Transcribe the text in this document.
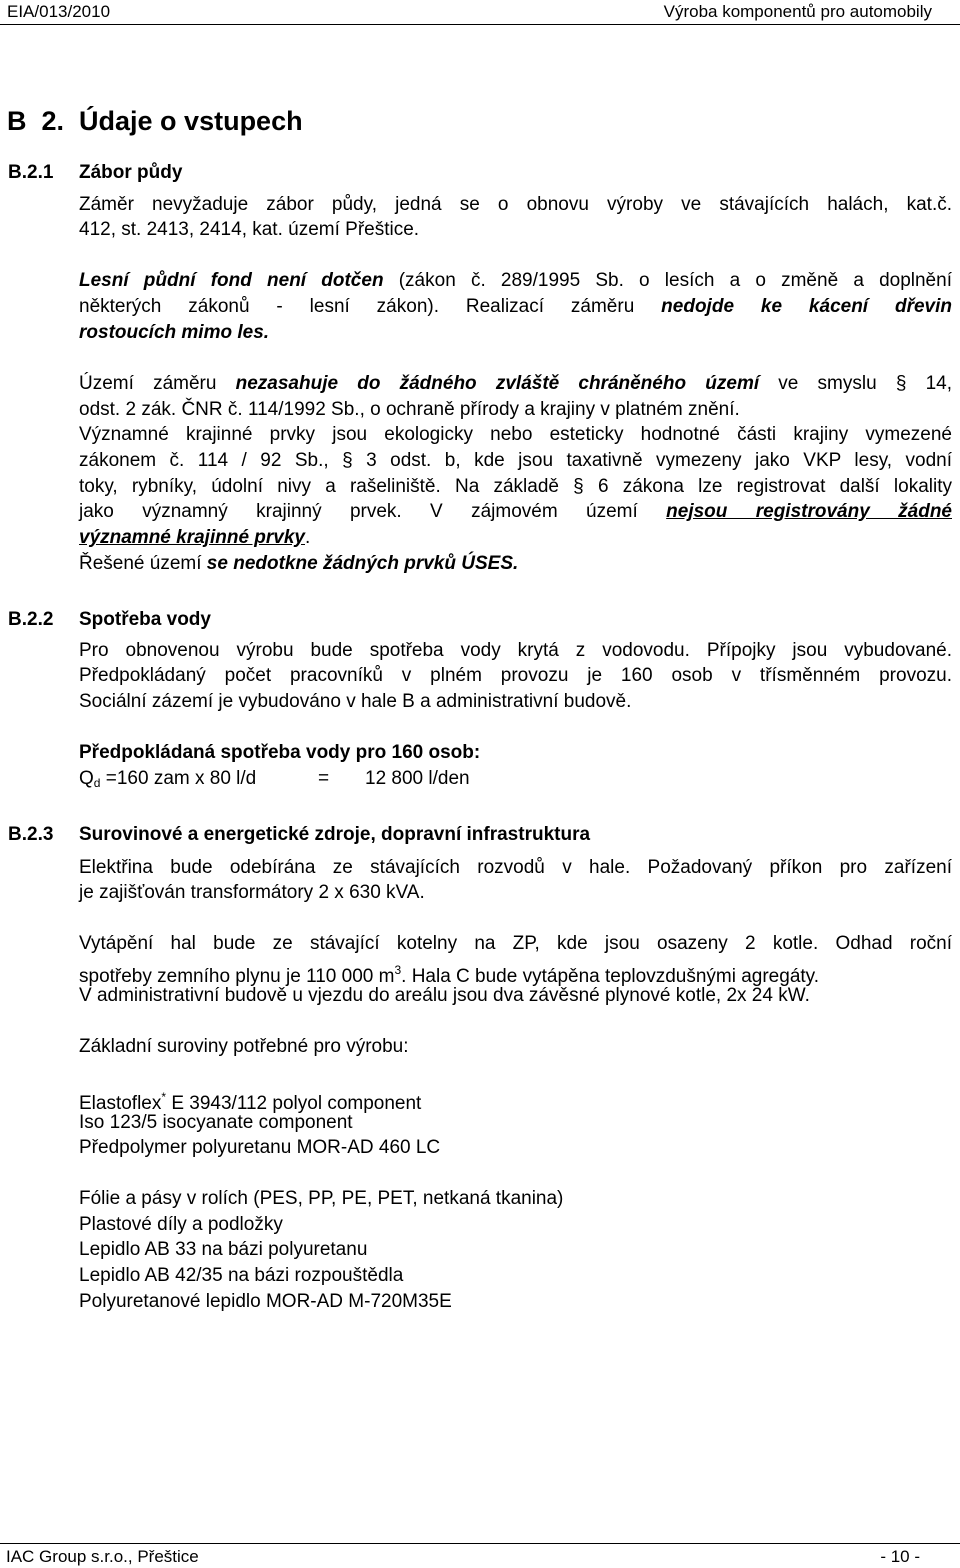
EIA/013/2010	Výroba komponentů pro automobily
B  2. Údaje o vstupech
B.2.1 Zábor půdy
Záměr nevyžaduje zábor půdy, jedná se o obnovu výroby ve stávajících halách, kat.č.
412, st. 2413, 2414, kat. území Přeštice.
Lesní půdní fond není dotčen (zákon č. 289/1995 Sb. o lesích a o změně a doplnění
některých zákonů - lesní zákon). Realizací záměru nedojde ke kácení dřevin
rostoucích mimo les.
Území záměru nezasahuje do žádného zvláště chráněného území ve smyslu § 14,
odst. 2 zák. ČNR č. 114/1992 Sb., o ochraně přírody a krajiny v platném znění.
Významné krajinné prvky jsou ekologicky nebo esteticky hodnotné části krajiny vymezené
zákonem č. 114 / 92 Sb., § 3 odst. b, kde jsou taxativně vymezeny jako VKP lesy, vodní
toky, rybníky, údolní nivy a rašeliniště. Na základě § 6 zákona lze registrovat další lokality
jako významný krajinný prvek. V zájmovém území nejsou registrovány žádné
významné krajinné prvky.
Řešené území se nedotkne žádných prvků ÚSES.
B.2.2 Spotřeba vody
Pro obnovenou výrobu bude spotřeba vody krytá z vodovodu. Přípojky jsou vybudované.
Předpokládaný počet pracovníků v plném provozu je 160 osob v třísměnném provozu.
Sociální zázemí je vybudováno v hale B a administrativní budově.
Předpokládaná spotřeba vody pro 160 osob:
$Q_d =160$ zam x 80 l/d	= 12 800 l/den
B.2.3 Surovinové a energetické zdroje, dopravní infrastruktura
Elektřina bude odebírána ze stávajících rozvodů v hale. Požadovaný příkon pro zařízení
je zajišťován transformátory 2 x 630 kVA.
Vytápění hal bude ze stávající kotelny na ZP, kde jsou osazeny 2 kotle. Odhad roční
spotřeby zemního plynu je 110 000 $m^3$. Hala C bude vytápěna teplovzdušnými agregáty.
V administrativní budově u vjezdu do areálu jsou dva závěsné plynové kotle, 2x 24 kW.
Základní suroviny potřebné pro výrobu:
Elastoflex* E 3943/112 polyol component
Iso 123/5 isocyanate component
Předpolymer polyuretanu MOR-AD 460 LC
Fólie a pásy v rolích (PES, PP, PE, PET, netkaná tkanina)
Plastové díly a podložky
Lepidlo AB 33 na bázi polyuretanu
Lepidlo AB 42/35 na bázi rozpouštědla
Polyuretanové lepidlo MOR-AD M-720M35E
IAC Group s.r.o., Přeštice	- 10 -
